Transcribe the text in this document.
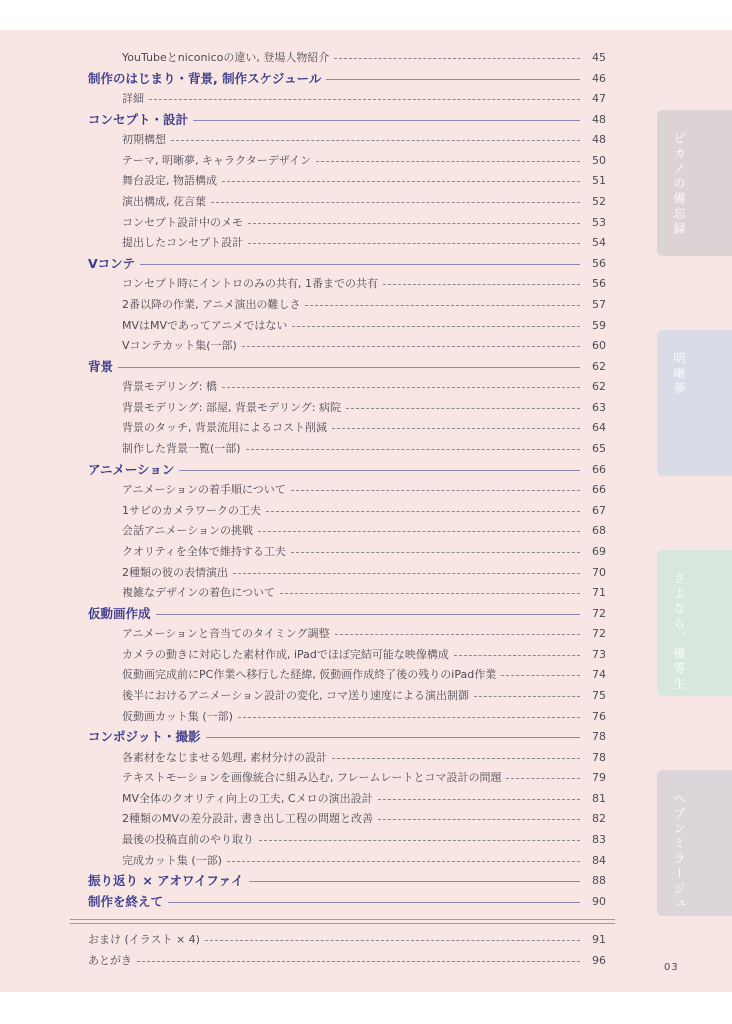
YouTubeとniconicoの違い, 登場人物紹介	45
制作のはじまり・背景, 制作スケジュール	46
詳細	47
コンセプト・設計	48
初期構想	48
テーマ, 明晰夢, キャラクターデザイン	50
舞台設定, 物語構成	51
演出構成, 花言葉	52
コンセプト設計中のメモ	53
提出したコンセプト設計	54
Vコンテ	56
コンセプト時にイントロのみの共有, 1番までの共有	56
2番以降の作業, アニメ演出の難しさ	57
MVはMVであってアニメではない	59
Vコンテカット集(一部)	60
背景	62
背景モデリング: 橋	62
背景モデリング: 部屋, 背景モデリング: 病院	63
背景のタッチ, 背景流用によるコスト削減	64
制作した背景一覧(一部)	65
アニメーション	66
アニメーションの着手順について	66
1サビのカメラワークの工夫	67
会話アニメーションの挑戦	68
クオリティを全体で維持する工夫	69
2種類の彼の表情演出	70
複雑なデザインの着色について	71
仮動画作成	72
アニメーションと音当てのタイミング調整	72
カメラの動きに対応した素材作成, iPadでほぼ完結可能な映像構成	73
仮動画完成前にPC作業へ移行した経緯, 仮動画作成終了後の残りのiPad作業	74
後半におけるアニメーション設計の変化, コマ送り速度による演出制御	75
仮動画カット集 (一部)	76
コンポジット・撮影	78
各素材をなじませる処理, 素材分けの設計	78
テキストモーションを画像統合に組み込む, フレームレートとコマ設計の問題	79
MV全体のクオリティ向上の工夫, Cメロの演出設計	81
2種類のMVの差分設計, 書き出し工程の問題と改善	82
最後の投稿直前のやり取り	83
完成カット集 (一部)	84
振り返り × アオワイファイ	88
制作を終えて	90
おまけ (イラスト × 4)	91
あとがき	96
ピカノの備忘録
明晰夢
さよなら、優等生
ヘブンミラージュ
03
